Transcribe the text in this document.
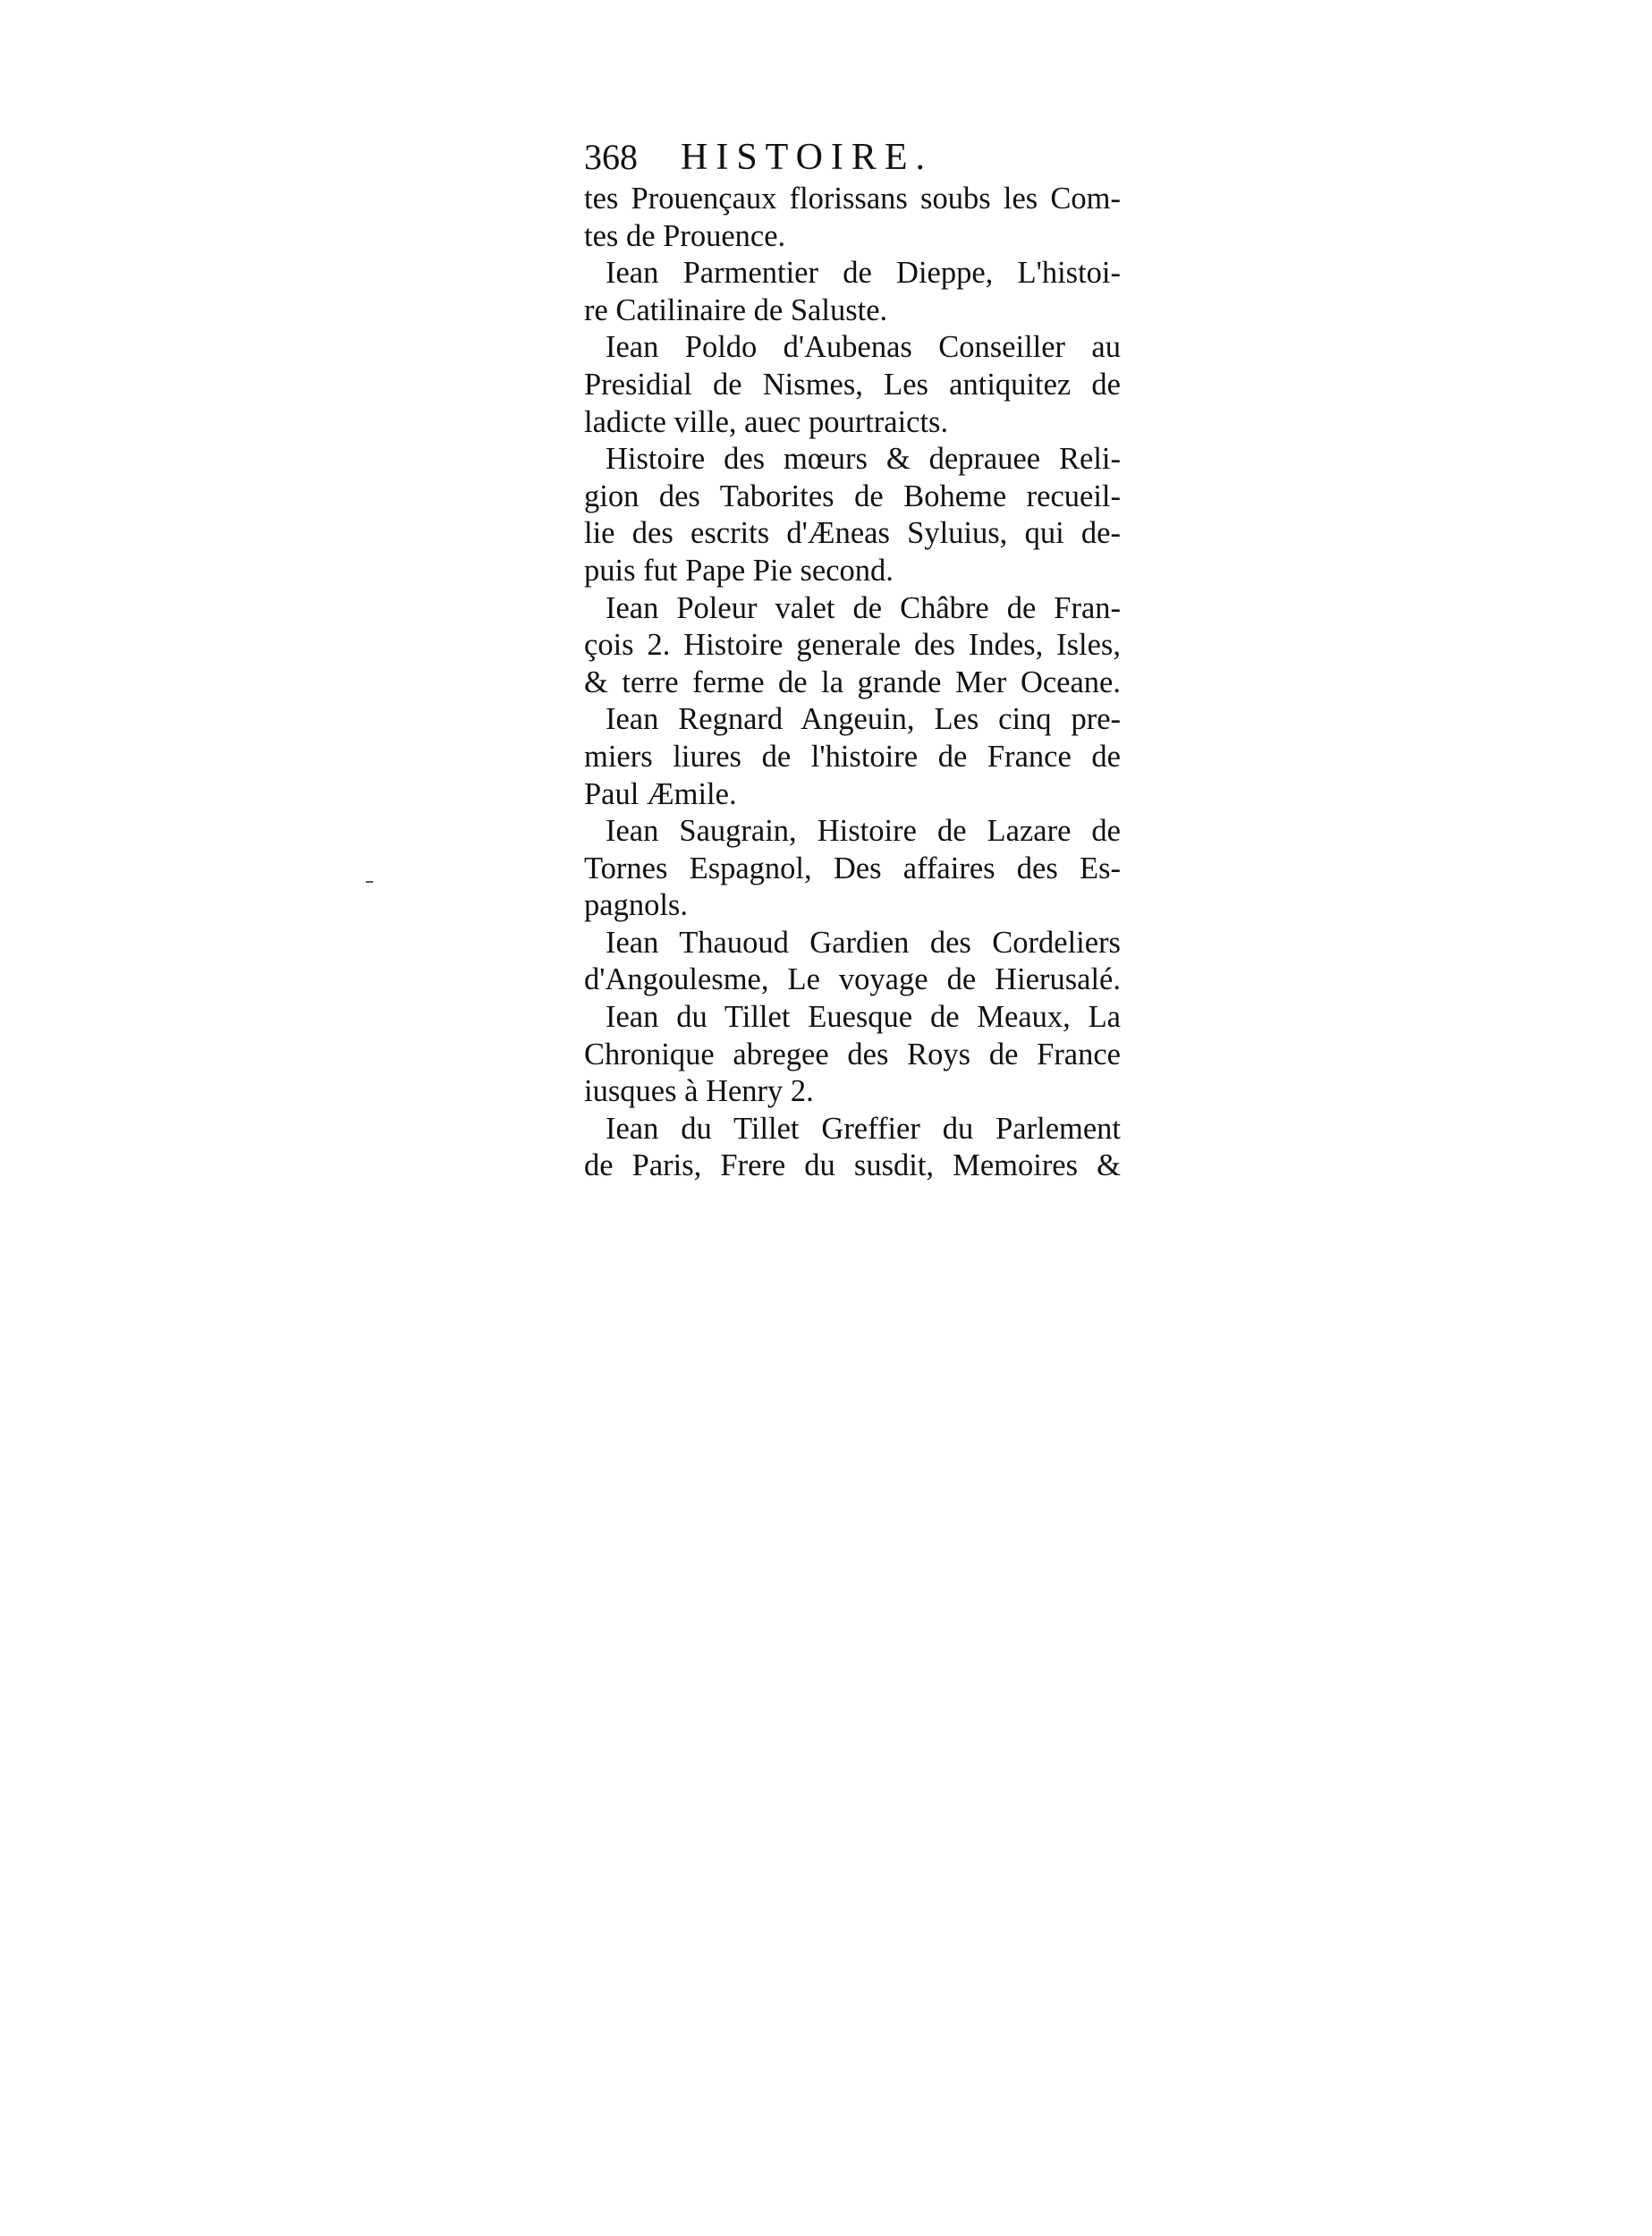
368 HISTOIRE.
tes Prouençaux florissans soubs les Com-
tes de Prouence.
Iean Parmentier de Dieppe, L'histoi-
re Catilinaire de Saluste.
Iean Poldo d'Aubenas Conseiller au
Presidial de Nismes, Les antiquitez de
ladicte ville, auec pourtraicts.
Histoire des mœurs & deprauee Reli-
gion des Taborites de Boheme recueil-
lie des escrits d'Æneas Syluius, qui de-
puis fut Pape Pie second.
Iean Poleur valet de Châbre de Fran-
çois 2. Histoire generale des Indes, Isles,
& terre ferme de la grande Mer Oceane.
Iean Regnard Angeuin, Les cinq pre-
miers liures de l'histoire de France de
Paul Æmile.
Iean Saugrain, Histoire de Lazare de
Tornes Espagnol, Des affaires des Es-
pagnols.
Iean Thauoud Gardien des Cordeliers
d'Angoulesme, Le voyage de Hierusalé.
Iean du Tillet Euesque de Meaux, La
Chronique abregee des Roys de France
iusques à Henry 2.
Iean du Tillet Greffier du Parlement
de Paris, Frere du susdit, Memoires &
